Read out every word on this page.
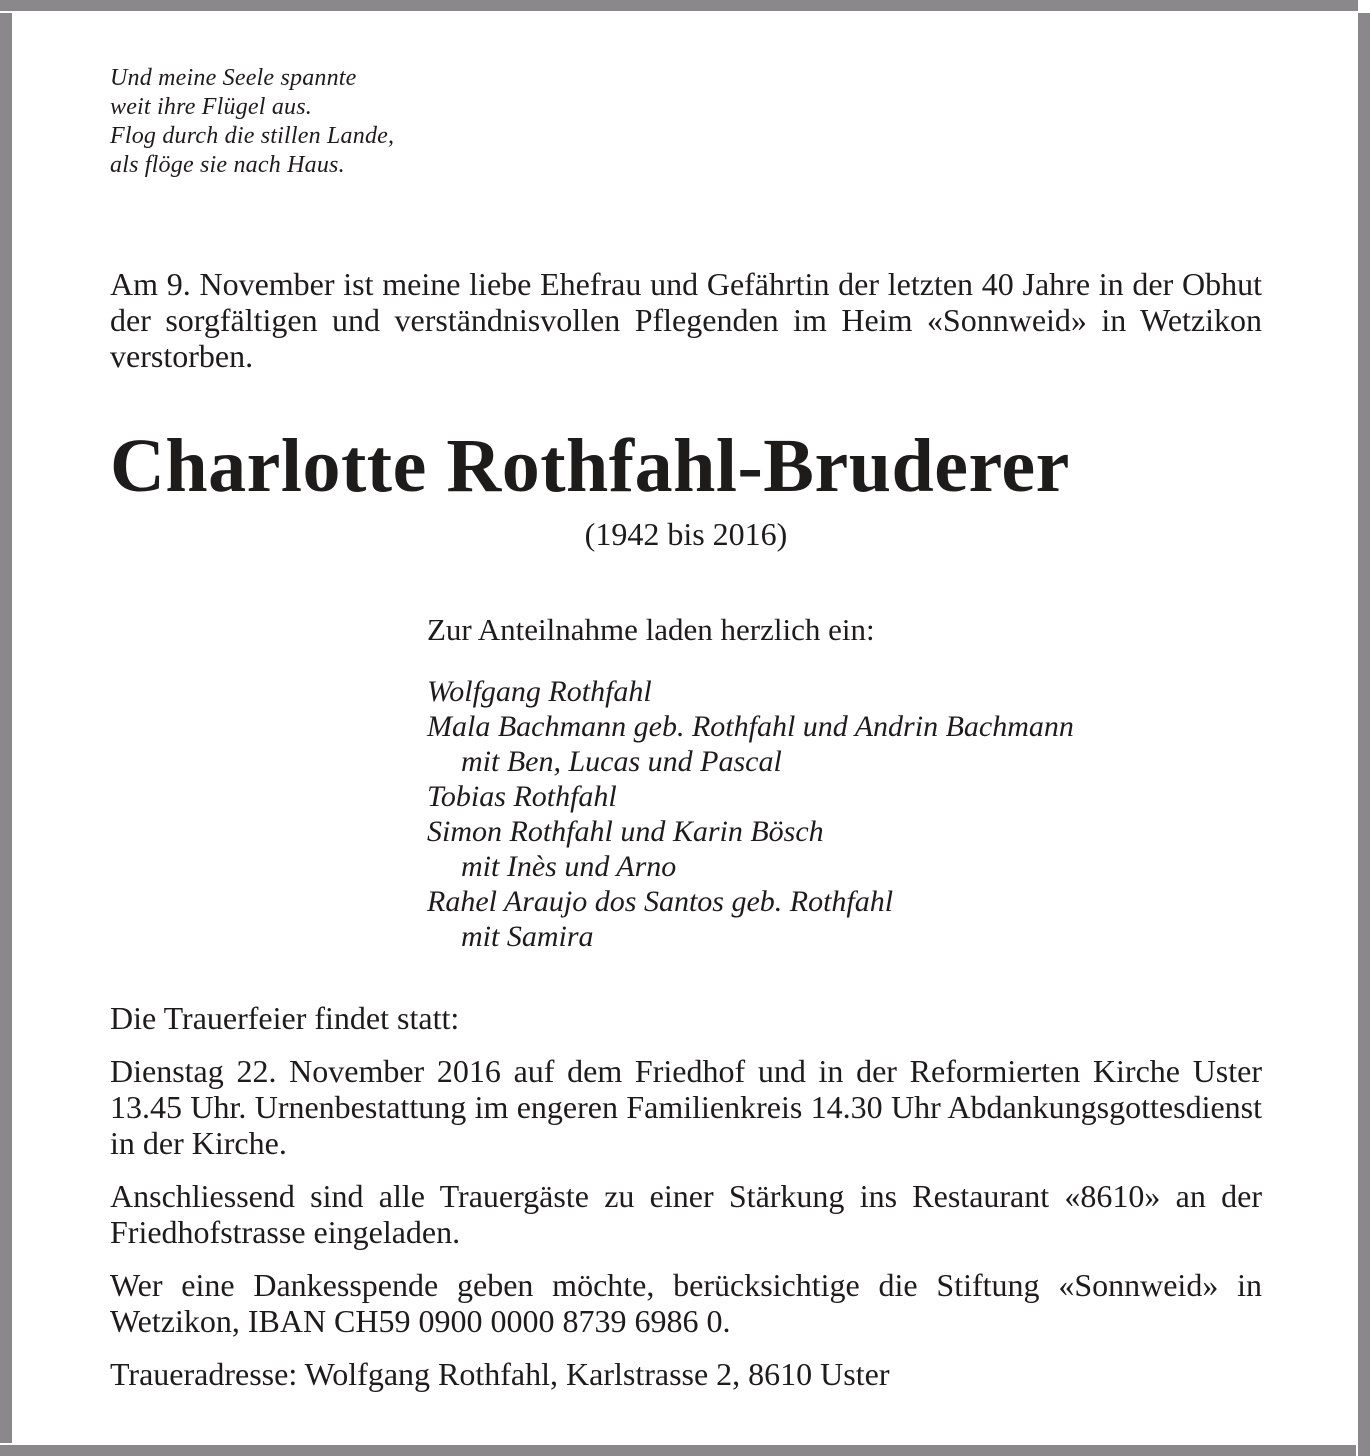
Und meine Seele spannte
weit ihre Flügel aus.
Flog durch die stillen Lande,
als flöge sie nach Haus.

Am 9. November ist meine liebe Ehefrau und Gefährtin der letzten 40 Jahre in der Obhut der sorgfältigen und verständnisvollen Pflegenden im Heim «Sonnweid» in Wetzikon verstorben.

Charlotte Rothfahl-Bruderer
(1942 bis 2016)
Zur Anteilnahme laden herzlich ein:
Wolfgang Rothfahl
Mala Bachmann geb. Rothfahl und Andrin Bachmann
mit Ben, Lucas und Pascal
Tobias Rothfahl
Simon Rothfahl und Karin Bösch
mit Inès und Arno
Rahel Araujo dos Santos geb. Rothfahl
mit Samira
Die Trauerfeier findet statt:

Dienstag 22. November 2016 auf dem Friedhof und in der Reformierten Kirche Uster 13.45 Uhr. Urnenbestattung im engeren Familienkreis 14.30 Uhr Abdankungsgottesdienst in der Kirche.

Anschliessend sind alle Trauergäste zu einer Stärkung ins Restaurant «8610» an der Friedhofstrasse eingeladen.

Wer eine Dankesspende geben möchte, berücksichtige die Stiftung «Sonnweid» in Wetzikon, IBAN CH59 0900 0000 8739 6986 0.

Traueradresse: Wolfgang Rothfahl, Karlstrasse 2, 8610 Uster
